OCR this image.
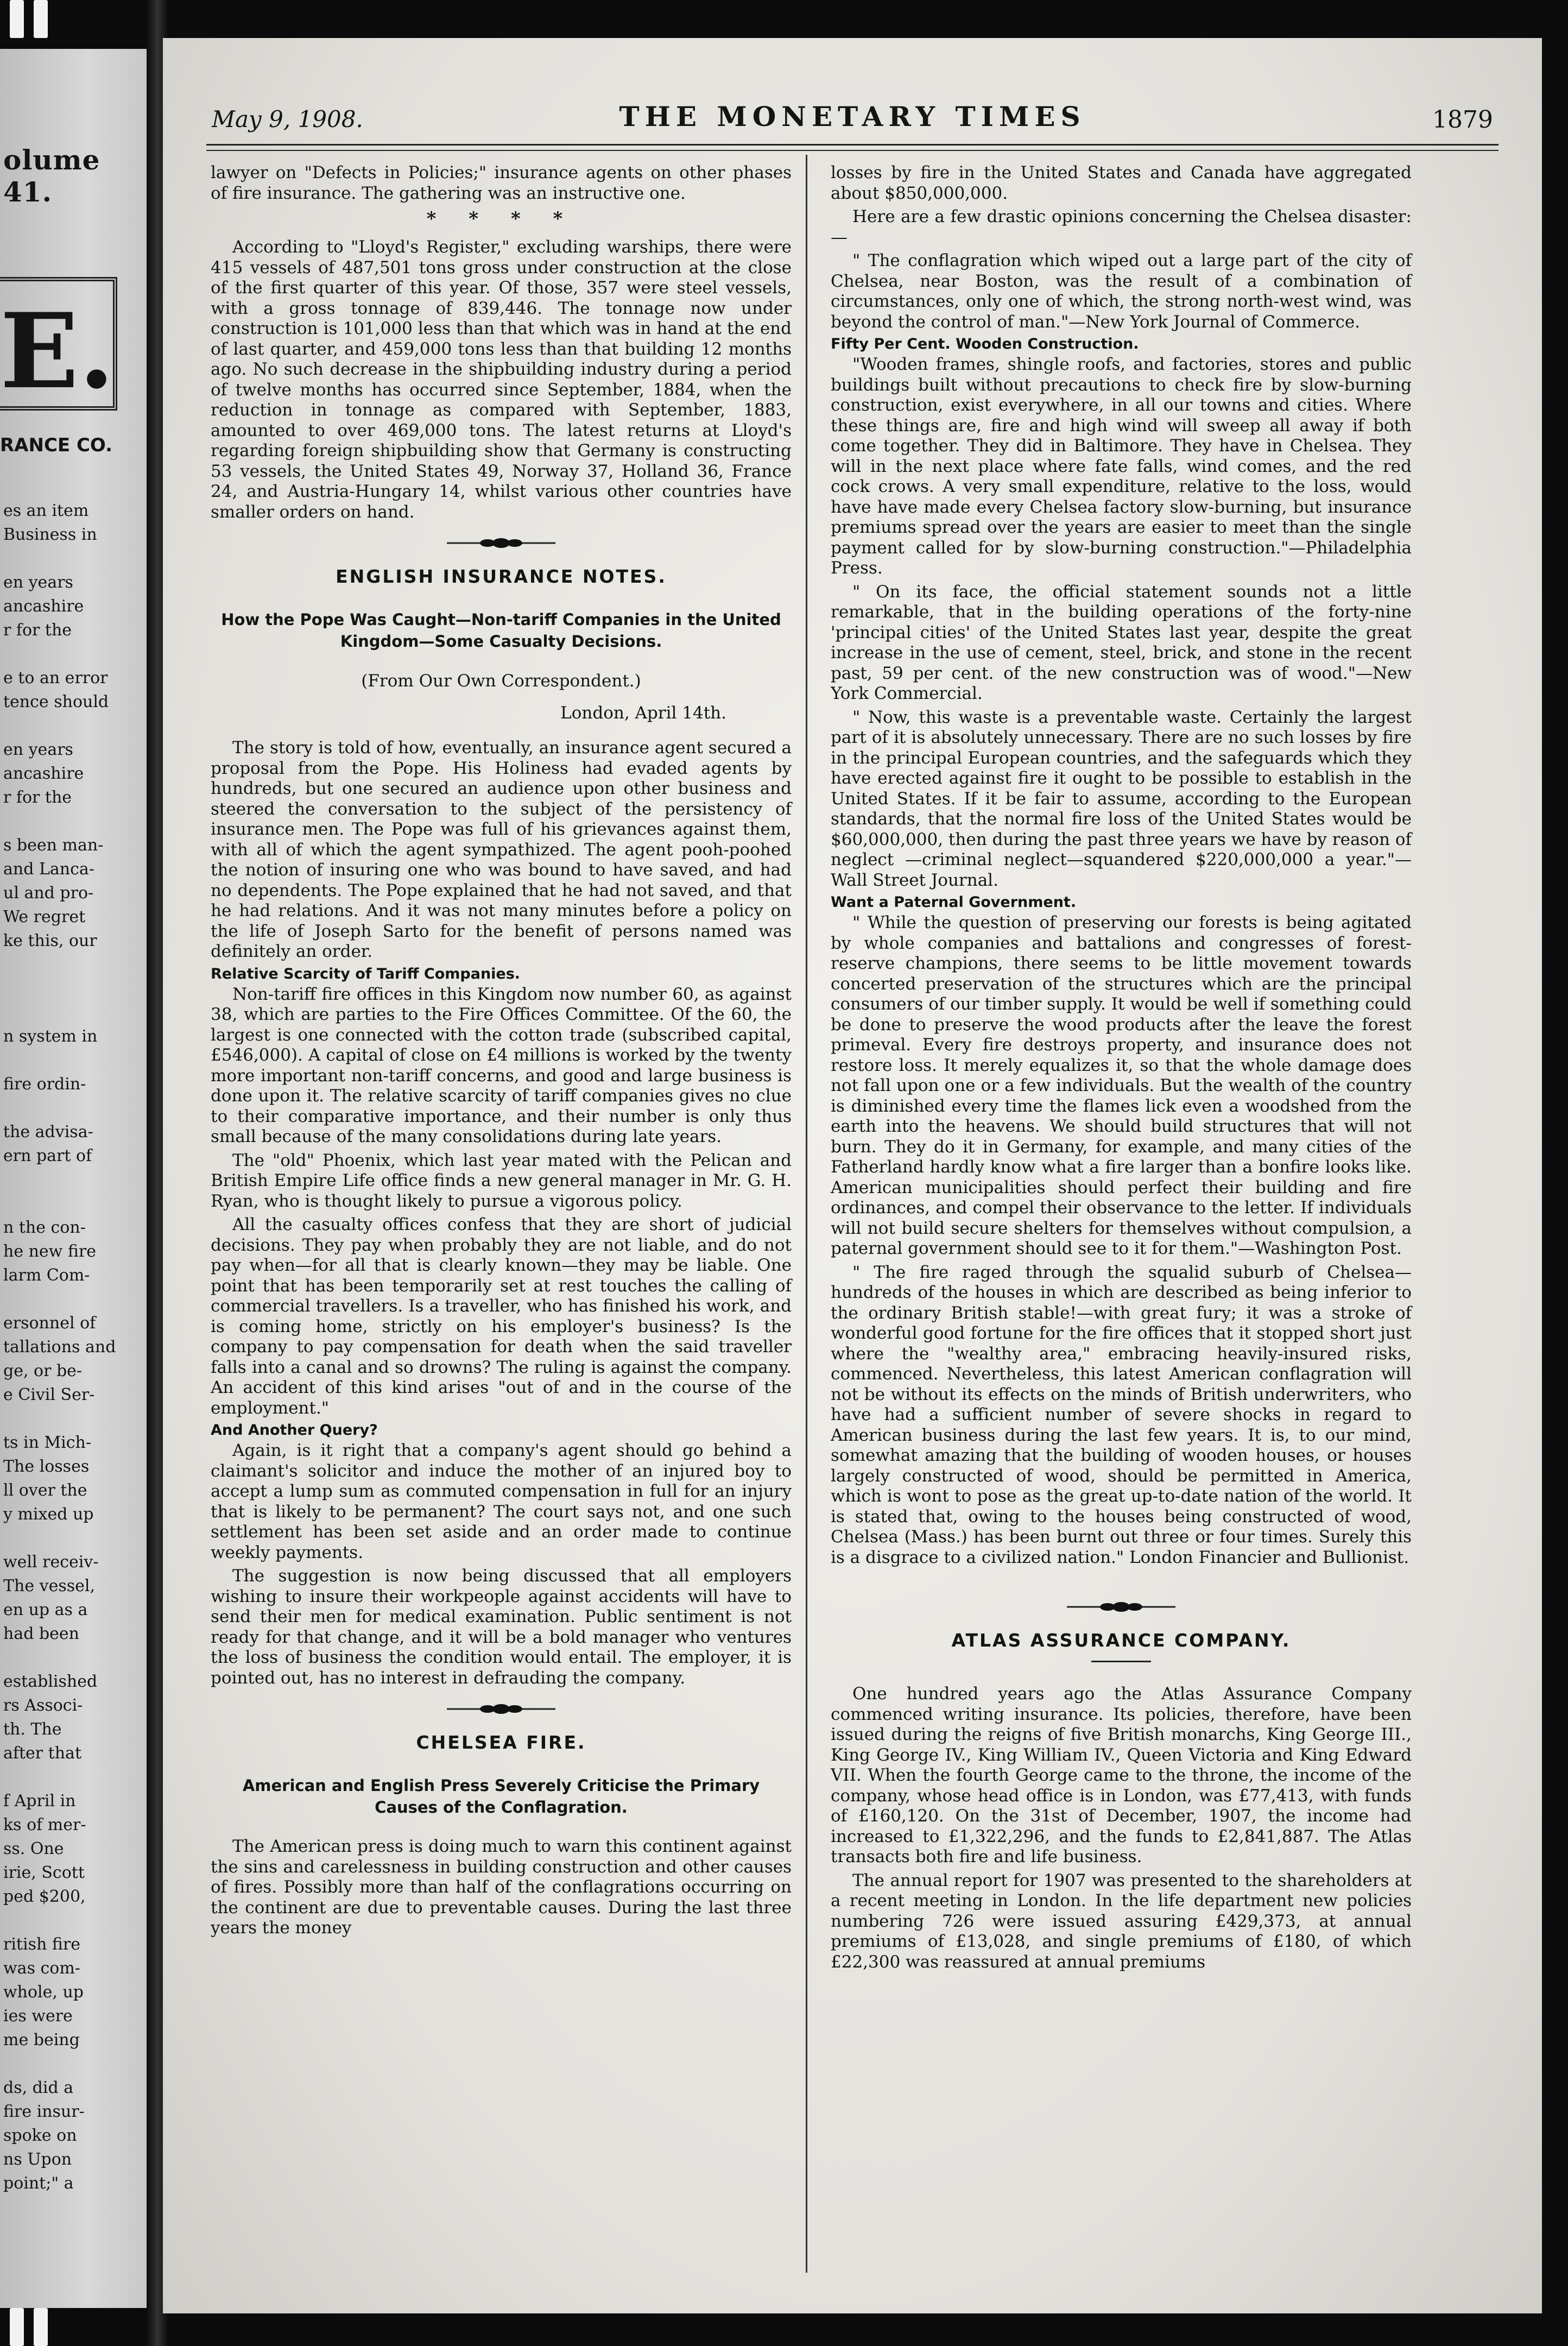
olume 41.
E.
RANCE CO.
es an item
Business in
en years
ancashire
r for the
e to an error
tence should
en years
ancashire
r for the
s been man-
and Lanca-
ul and pro-
We regret
ke this, our
n system in
fire ordin-
the advisa-
ern part of
n the con-
he new fire
larm Com-
ersonnel of
tallations and
ge, or be-
e Civil Ser-
ts in Mich-
The losses
ll over the
y mixed up
well receiv-
The vessel,
en up as a
had been
established
rs Associ-
th. The
after that
f April in
ks of mer-
ss. One
irie, Scott
ped $200,
ritish fire
was com-
whole, up
ies were
me being
ds, did a
fire insur-
spoke on
ns Upon
point;" a
May 9, 1908.	THE MONETARY TIMES	1879

lawyer on "Defects in Policies;" insurance agents on other phases of fire insurance. The gathering was an instructive one.

* * * *

According to "Lloyd's Register," excluding warships, there were 415 vessels of 487,501 tons gross under construction at the close of the first quarter of this year. Of those, 357 were steel vessels, with a gross tonnage of 839,446. The tonnage now under construction is 101,000 less than that which was in hand at the end of last quarter, and 459,000 tons less than that building 12 months ago. No such decrease in the shipbuilding industry during a period of twelve months has occurred since September, 1884, when the reduction in tonnage as compared with September, 1883, amounted to over 469,000 tons. The latest returns at Lloyd's regarding foreign shipbuilding show that Germany is constructing 53 vessels, the United States 49, Norway 37, Holland 36, France 24, and Austria-Hungary 14, whilst various other countries have smaller orders on hand.

ENGLISH INSURANCE NOTES.
How the Pope Was Caught—Non-tariff Companies in the United Kingdom—Some Casualty Decisions.
(From Our Own Correspondent.)
London, April 14th.

The story is told of how, eventually, an insurance agent secured a proposal from the Pope. His Holiness had evaded agents by hundreds, but one secured an audience upon other business and steered the conversation to the subject of the persistency of insurance men. The Pope was full of his grievances against them, with all of which the agent sympathized. The agent pooh-poohed the notion of insuring one who was bound to have saved, and had no dependents. The Pope explained that he had not saved, and that he had relations. And it was not many minutes before a policy on the life of Joseph Sarto for the benefit of persons named was definitely an order.

Relative Scarcity of Tariff Companies.

Non-tariff fire offices in this Kingdom now number 60, as against 38, which are parties to the Fire Offices Committee. Of the 60, the largest is one connected with the cotton trade (subscribed capital, £546,000). A capital of close on £4 millions is worked by the twenty more important non-tariff concerns, and good and large business is done upon it. The relative scarcity of tariff companies gives no clue to their comparative importance, and their number is only thus small because of the many consolidations during late years.

The "old" Phoenix, which last year mated with the Pelican and British Empire Life office finds a new general manager in Mr. G. H. Ryan, who is thought likely to pursue a vigorous policy.

All the casualty offices confess that they are short of judicial decisions. They pay when probably they are not liable, and do not pay when—for all that is clearly known—they may be liable. One point that has been temporarily set at rest touches the calling of commercial travellers. Is a traveller, who has finished his work, and is coming home, strictly on his employer's business? Is the company to pay compensation for death when the said traveller falls into a canal and so drowns? The ruling is against the company. An accident of this kind arises "out of and in the course of the employment."

And Another Query?

Again, is it right that a company's agent should go behind a claimant's solicitor and induce the mother of an injured boy to accept a lump sum as commuted compensation in full for an injury that is likely to be permanent? The court says not, and one such settlement has been set aside and an order made to continue weekly payments.

The suggestion is now being discussed that all employers wishing to insure their workpeople against accidents will have to send their men for medical examination. Public sentiment is not ready for that change, and it will be a bold manager who ventures the loss of business the condition would entail. The employer, it is pointed out, has no interest in defrauding the company.

CHELSEA FIRE.
American and English Press Severely Criticise the Primary Causes of the Conflagration.

The American press is doing much to warn this continent against the sins and carelessness in building construction and other causes of fires. Possibly more than half of the conflagrations occurring on the continent are due to preventable causes. During the last three years the money

losses by fire in the United States and Canada have aggregated about $850,000,000.

Here are a few drastic opinions concerning the Chelsea disaster:—

" The conflagration which wiped out a large part of the city of Chelsea, near Boston, was the result of a combination of circumstances, only one of which, the strong north-west wind, was beyond the control of man."—New York Journal of Commerce.

Fifty Per Cent. Wooden Construction.

"Wooden frames, shingle roofs, and factories, stores and public buildings built without precautions to check fire by slow-burning construction, exist everywhere, in all our towns and cities. Where these things are, fire and high wind will sweep all away if both come together. They did in Baltimore. They have in Chelsea. They will in the next place where fate falls, wind comes, and the red cock crows. A very small expenditure, relative to the loss, would have have made every Chelsea factory slow-burning, but insurance premiums spread over the years are easier to meet than the single payment called for by slow-burning construction."—Philadelphia Press.

" On its face, the official statement sounds not a little remarkable, that in the building operations of the forty-nine 'principal cities' of the United States last year, despite the great increase in the use of cement, steel, brick, and stone in the recent past, 59 per cent. of the new construction was of wood."—New York Commercial.

" Now, this waste is a preventable waste. Certainly the largest part of it is absolutely unnecessary. There are no such losses by fire in the principal European countries, and the safeguards which they have erected against fire it ought to be possible to establish in the United States. If it be fair to assume, according to the European standards, that the normal fire loss of the United States would be $60,000,000, then during the past three years we have by reason of neglect —criminal neglect—squandered $220,000,000 a year."—Wall Street Journal.

Want a Paternal Government.

" While the question of preserving our forests is being agitated by whole companies and battalions and congresses of forest-reserve champions, there seems to be little movement towards concerted preservation of the structures which are the principal consumers of our timber supply. It would be well if something could be done to preserve the wood products after the leave the forest primeval. Every fire destroys property, and insurance does not restore loss. It merely equalizes it, so that the whole damage does not fall upon one or a few individuals. But the wealth of the country is diminished every time the flames lick even a woodshed from the earth into the heavens. We should build structures that will not burn. They do it in Germany, for example, and many cities of the Fatherland hardly know what a fire larger than a bonfire looks like. American municipalities should perfect their building and fire ordinances, and compel their observance to the letter. If individuals will not build secure shelters for themselves without compulsion, a paternal government should see to it for them."—Washington Post.

" The fire raged through the squalid suburb of Chelsea—hundreds of the houses in which are described as being inferior to the ordinary British stable!—with great fury; it was a stroke of wonderful good fortune for the fire offices that it stopped short just where the "wealthy area," embracing heavily-insured risks, commenced. Nevertheless, this latest American conflagration will not be without its effects on the minds of British underwriters, who have had a sufficient number of severe shocks in regard to American business during the last few years. It is, to our mind, somewhat amazing that the building of wooden houses, or houses largely constructed of wood, should be permitted in America, which is wont to pose as the great up-to-date nation of the world. It is stated that, owing to the houses being constructed of wood, Chelsea (Mass.) has been burnt out three or four times. Surely this is a disgrace to a civilized nation." London Financier and Bullionist.

ATLAS ASSURANCE COMPANY.

One hundred years ago the Atlas Assurance Company commenced writing insurance. Its policies, therefore, have been issued during the reigns of five British monarchs, King George III., King George IV., King William IV., Queen Victoria and King Edward VII. When the fourth George came to the throne, the income of the company, whose head office is in London, was £77,413, with funds of £160,120. On the 31st of December, 1907, the income had increased to £1,322,296, and the funds to £2,841,887. The Atlas transacts both fire and life business.

The annual report for 1907 was presented to the shareholders at a recent meeting in London. In the life department new policies numbering 726 were issued assuring £429,373, at annual premiums of £13,028, and single premiums of £180, of which £22,300 was reassured at annual premiums
